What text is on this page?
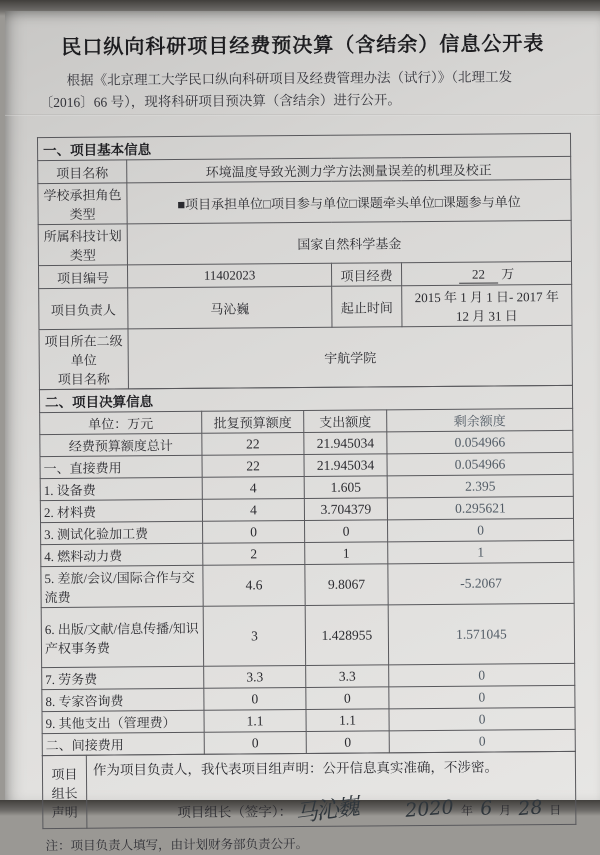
民口纵向科研项目经费预决算（含结余）信息公开表
根据《北京理工大学民口纵向科研项目及经费管理办法（试行）》（北理工发
〔2016〕66 号），现将科研项目预决算（含结余）进行公开。
一、项目基本信息			
项目名称	环境温度导致光测力学方法测量误差的机理及校正		
学校承担角色
类型	■项目承担单位□项目参与单位□课题牵头单位□课题参与单位		
所属科技计划
类型	国家自然科学基金		
项目编号	11402023	项目经费	22 万
项目负责人	马沁巍	起止时间	2015 年 1 月 1 日- 2017 年
12 月 31 日
项目所在二级
单位
项目名称	宇航学院		
二、项目决算信息			
单位：万元	批复预算额度	支出额度	剩余额度
经费预算额度总计	22	21.945034	0.054966
一、直接费用	22	21.945034	0.054966
1. 设备费	4	1.605	2.395
2. 材料费	4	3.704379	0.295621
3. 测试化验加工费	0	0	0
4. 燃料动力费	2	1	1
5. 差旅/会议/国际合作与交流费	4.6	9.8067	-5.2067
6. 出版/文献/信息传播/知识产权事务费	3	1.428955	1.571045
7. 劳务费	3.3	3.3	0
8. 专家咨询费	0	0	0
9. 其他支出（管理费）	1.1	1.1	0
二、间接费用	0	0	0
项目
组长
声明	
作为项目负责人，我代表项目组声明：公开信息真实准确，不涉密。
项目组长（签字）： 马沁巍 2020 年 6 月 28 日
注：项目负责人填写，由计划财务部负责公开。
